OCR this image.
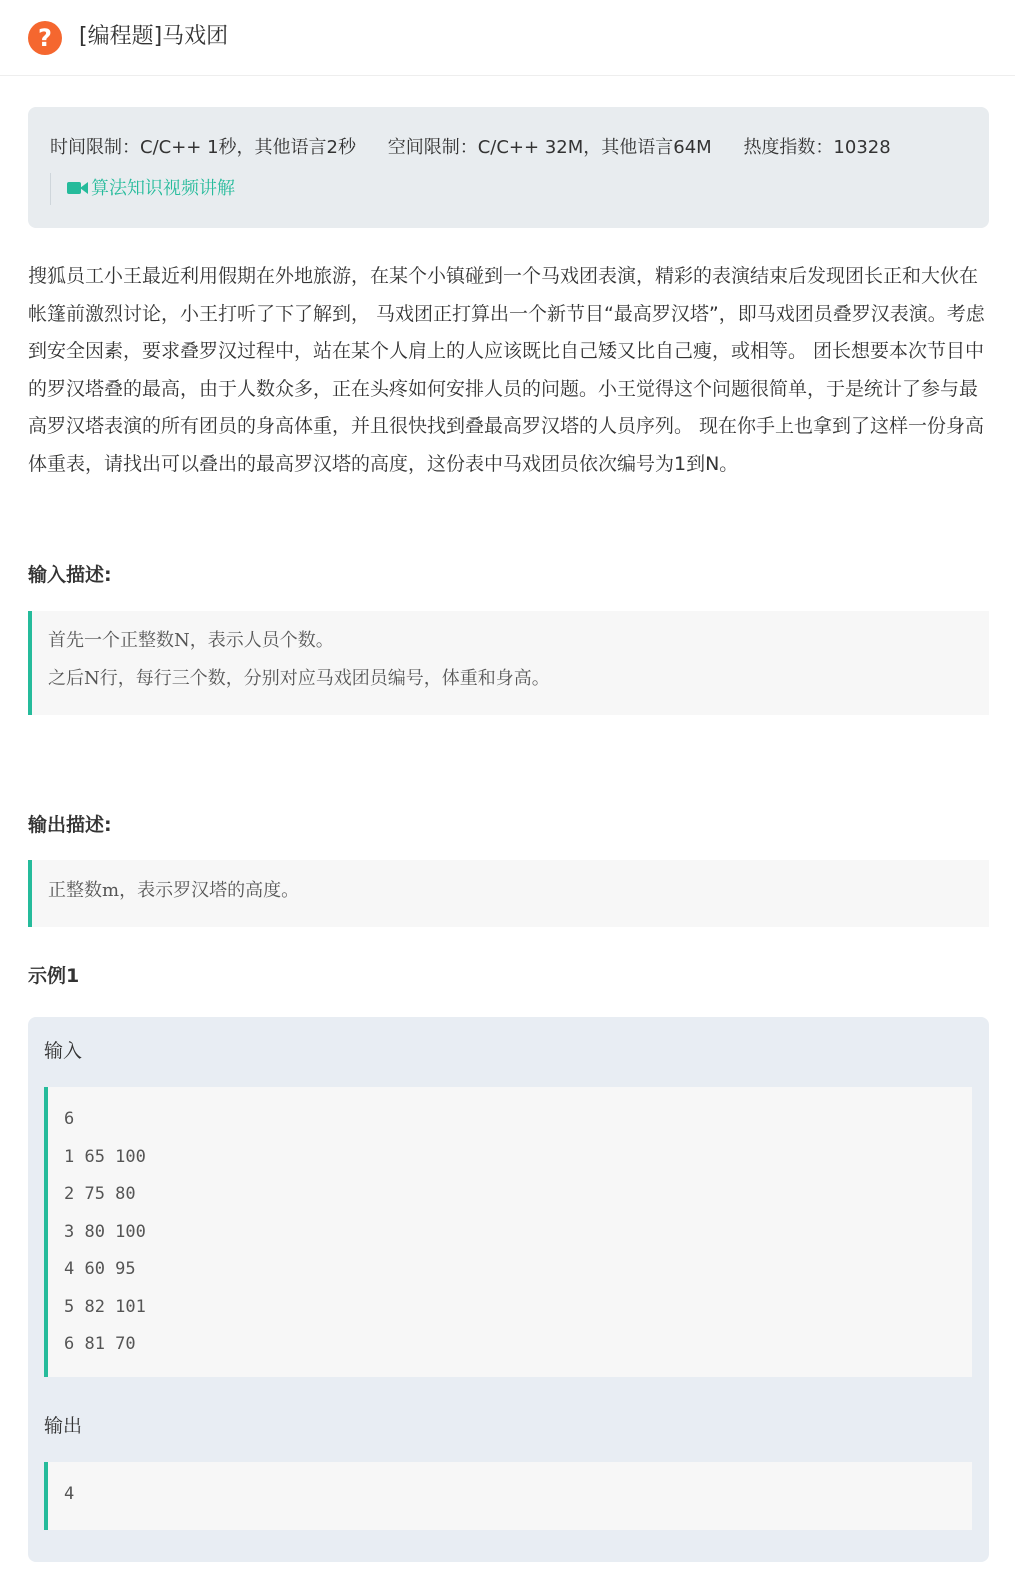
?	[编程题]马戏团
时间限制：C/C++ 1秒，其他语言2秒 空间限制：C/C++ 32M，其他语言64M 热度指数：10328
算法知识视频讲解
搜狐员工小王最近利用假期在外地旅游，在某个小镇碰到一个马戏团表演，精彩的表演结束后发现团长正和大伙在帐篷前激烈讨论，小王打听了下了解到， 马戏团正打算出一个新节目“最高罗汉塔”，即马戏团员叠罗汉表演。考虑到安全因素，要求叠罗汉过程中，站在某个人肩上的人应该既比自己矮又比自己瘦，或相等。 团长想要本次节目中的罗汉塔叠的最高，由于人数众多，正在头疼如何安排人员的问题。小王觉得这个问题很简单，于是统计了参与最高罗汉塔表演的所有团员的身高体重，并且很快找到叠最高罗汉塔的人员序列。 现在你手上也拿到了这样一份身高体重表，请找出可以叠出的最高罗汉塔的高度，这份表中马戏团员依次编号为1到N。
输入描述:
首先一个正整数N，表示人员个数。
之后N行，每行三个数，分别对应马戏团员编号，体重和身高。
输出描述:
正整数m，表示罗汉塔的高度。
示例1
输入
6
1 65 100
2 75 80
3 80 100
4 60 95
5 82 101
6 81 70
输出
4
